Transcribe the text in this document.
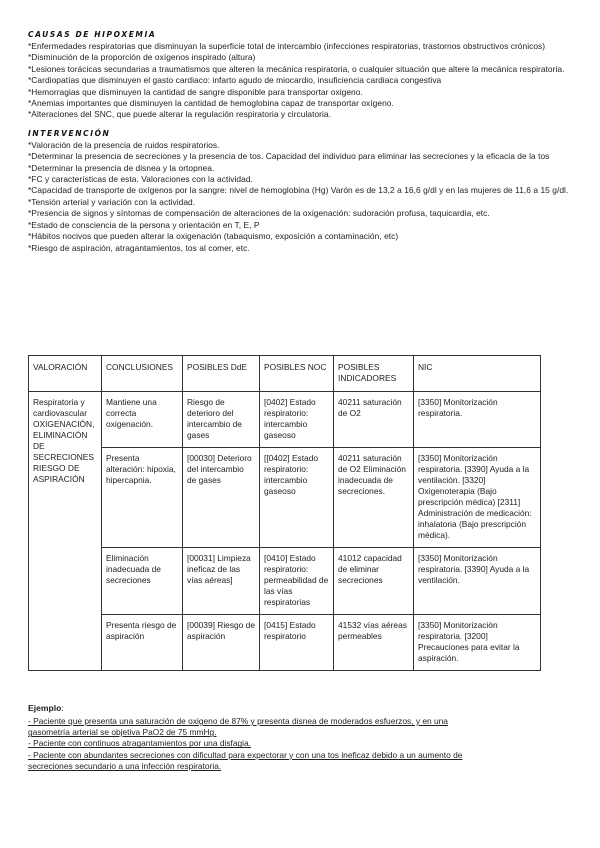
CAUSAS DE HIPOXEMIA

*Enfermedades respiratorias que disminuyan la superficie total de intercambio (infecciones respiratorias, trastornos obstructivos crónicos)

*Disminución de la proporción de oxígenos inspirado (altura)

*Lesiones torácicas secundarias a traumatismos que alteren la mecánica respiratoria, o cualquier situación que altere la mecánica respiratoria.

*Cardiopatías que disminuyen el gasto cardiaco: infarto agudo de miocardio, insuficiencia cardiaca congestiva

*Hemorragias que disminuyen la cantidad de sangre disponible para transportar oxigeno.

*Anemias importantes que disminuyen la cantidad de hemoglobina capaz de transportar oxígeno.

*Alteraciones del SNC, que puede alterar la regulación respiratoria y circulatoria.

INTERVENCIÓN

*Valoración de la presencia de ruidos respiratorios.

*Determinar la presencia de secreciones y la presencia de tos. Capacidad del individuo para eliminar las secreciones y la eficacia de la tos

*Determinar la presencia de disnea y la ortopnea.

*FC y características de esta. Valoraciones con la actividad.

*Capacidad de transporte de oxígenos por la sangre: nivel de hemoglobina (Hg) Varón es de 13,2 a 16,6 g/dl y en las mujeres de 11,6 a 15 g/dl.

*Tensión arterial y variación con la actividad.

*Presencia de signos y síntomas de compensación de alteraciones de la oxigenación: sudoración profusa, taquicardia, etc.

*Estado de consciencia de la persona y orientación en T, E, P

*Hábitos nocivos que pueden alterar la oxigenación (tabaquismo, exposición a contaminación, etc)

*Riesgo de aspiración, atragantamientos, tos al comer, etc.

VALORACIÓN	CONCLUSIONES	POSIBLES DdE	POSIBLES NOC	POSIBLES INDICADORES	NIC
Respiratoria y cardiovascular OXIGENACIÓN, ELIMINACIÓN DE SECRECIONES RIESGO DE ASPIRACIÓN	Mantiene una correcta oxigenación.	Riesgo de deterioro del intercambio de gases	[0402] Estado respiratorio: intercambio gaseoso	40211 saturación de O2	[3350] Monitorización respiratoria.
	Presenta alteración: hipoxia, hipercapnia.	[00030] Deterioro del intercambio de gases	[[0402] Estado respiratorio: intercambio gaseoso	40211 saturación de O2 Eliminación inadecuada de secreciones.	[3350] Monitorización respiratoria. [3390] Ayuda a la ventilación. [3320] Oxigenoterapia (Bajo prescripción médica) [2311] Administración de medicación: inhalatoria (Bajo prescripción médica).
	Eliminación inadecuada de secreciones	[00031] Limpieza ineficaz de las vías aéreas]	[0410] Estado respiratorio: permeabilidad de las vías respiratorias	41012 capacidad de eliminar secreciones	[3350] Monitorización respiratoria. [3390] Ayuda a la ventilación.
	Presenta riesgo de aspiración	[00039] Riesgo de aspiración	[0415] Estado respiratorio	41532 vías aéreas permeables	[3350] Monitorización respiratoria. [3200] Precauciones para evitar la aspiración.

Ejemplo:

- Paciente que presenta una saturación de oxigeno de 87% y presenta disnea de moderados esfuerzos, y en una

gasometría arterial se objetiva PaO2 de 75 mmHg.

- Paciente con continuos atragantamientos por una disfagia.

- Paciente con abundantes secreciones con dificultad para expectorar y con una tos ineficaz debido a un aumento de

secreciones secundario a una infección respiratoria.
